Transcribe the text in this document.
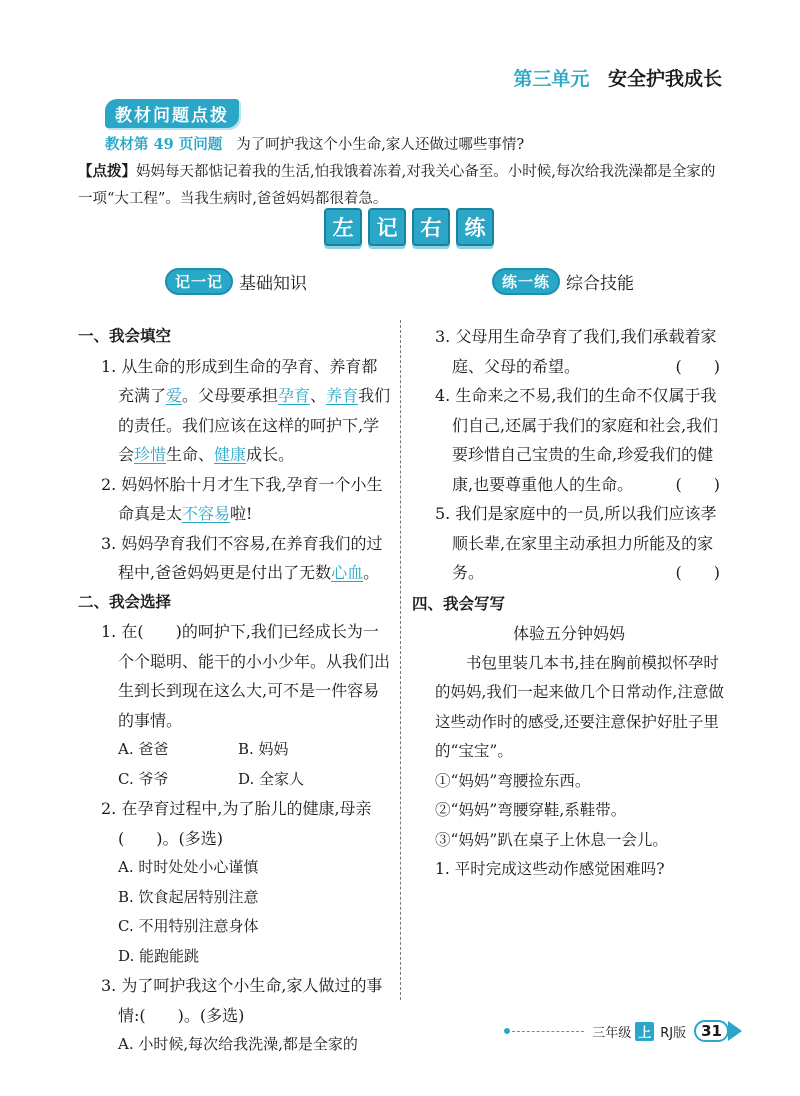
第三单元 安全护我成长
教材问题点拨
教材第 49 页问题 为了呵护我这个小生命,家人还做过哪些事情?
【点拨】妈妈每天都惦记着我的生活,怕我饿着冻着,对我关心备至。小时候,每次给我洗澡都是全家的一项“大工程”。当我生病时,爸爸妈妈都很着急。
左	记	右	练
记一记 基础知识	练一练 综合技能

一、我会填空

1. 从生命的形成到生命的孕育、养育都充满了爱。父母要承担孕育、养育我们的责任。我们应该在这样的呵护下,学会珍惜生命、健康成长。

2. 妈妈怀胎十月才生下我,孕育一个小生命真是太不容易啦!

3. 妈妈孕育我们不容易,在养育我们的过程中,爸爸妈妈更是付出了无数心血。

二、我会选择

1. 在(　　)的呵护下,我们已经成长为一个个聪明、能干的小小少年。从我们出生到长到现在这么大,可不是一件容易的事情。

A. 爸爸	B. 妈妈

C. 爷爷	D. 全家人

2. 在孕育过程中,为了胎儿的健康,母亲(　　)。(多选)

A. 时时处处小心谨慎

B. 饮食起居特别注意

C. 不用特别注意身体

D. 能跑能跳

3. 为了呵护我这个小生命,家人做过的事情:(　　)。(多选)

A. 小时候,每次给我洗澡,都是全家的

3. 父母用生命孕育了我们,我们承载着家庭、父母的希望。	(　　)

4. 生命来之不易,我们的生命不仅属于我们自己,还属于我们的家庭和社会,我们要珍惜自己宝贵的生命,珍爱我们的健康,也要尊重他人的生命。	(　　)

5. 我们是家庭中的一员,所以我们应该孝顺长辈,在家里主动承担力所能及的家务。	(　　)

四、我会写写

体验五分钟妈妈

书包里装几本书,挂在胸前模拟怀孕时的妈妈,我们一起来做几个日常动作,注意做这些动作时的感受,还要注意保护好肚子里的“宝宝”。

①“妈妈”弯腰捡东西。

②“妈妈”弯腰穿鞋,系鞋带。

③“妈妈”趴在桌子上休息一会儿。

1. 平时完成这些动作感觉困难吗?

三年级 上 RJ版	31
